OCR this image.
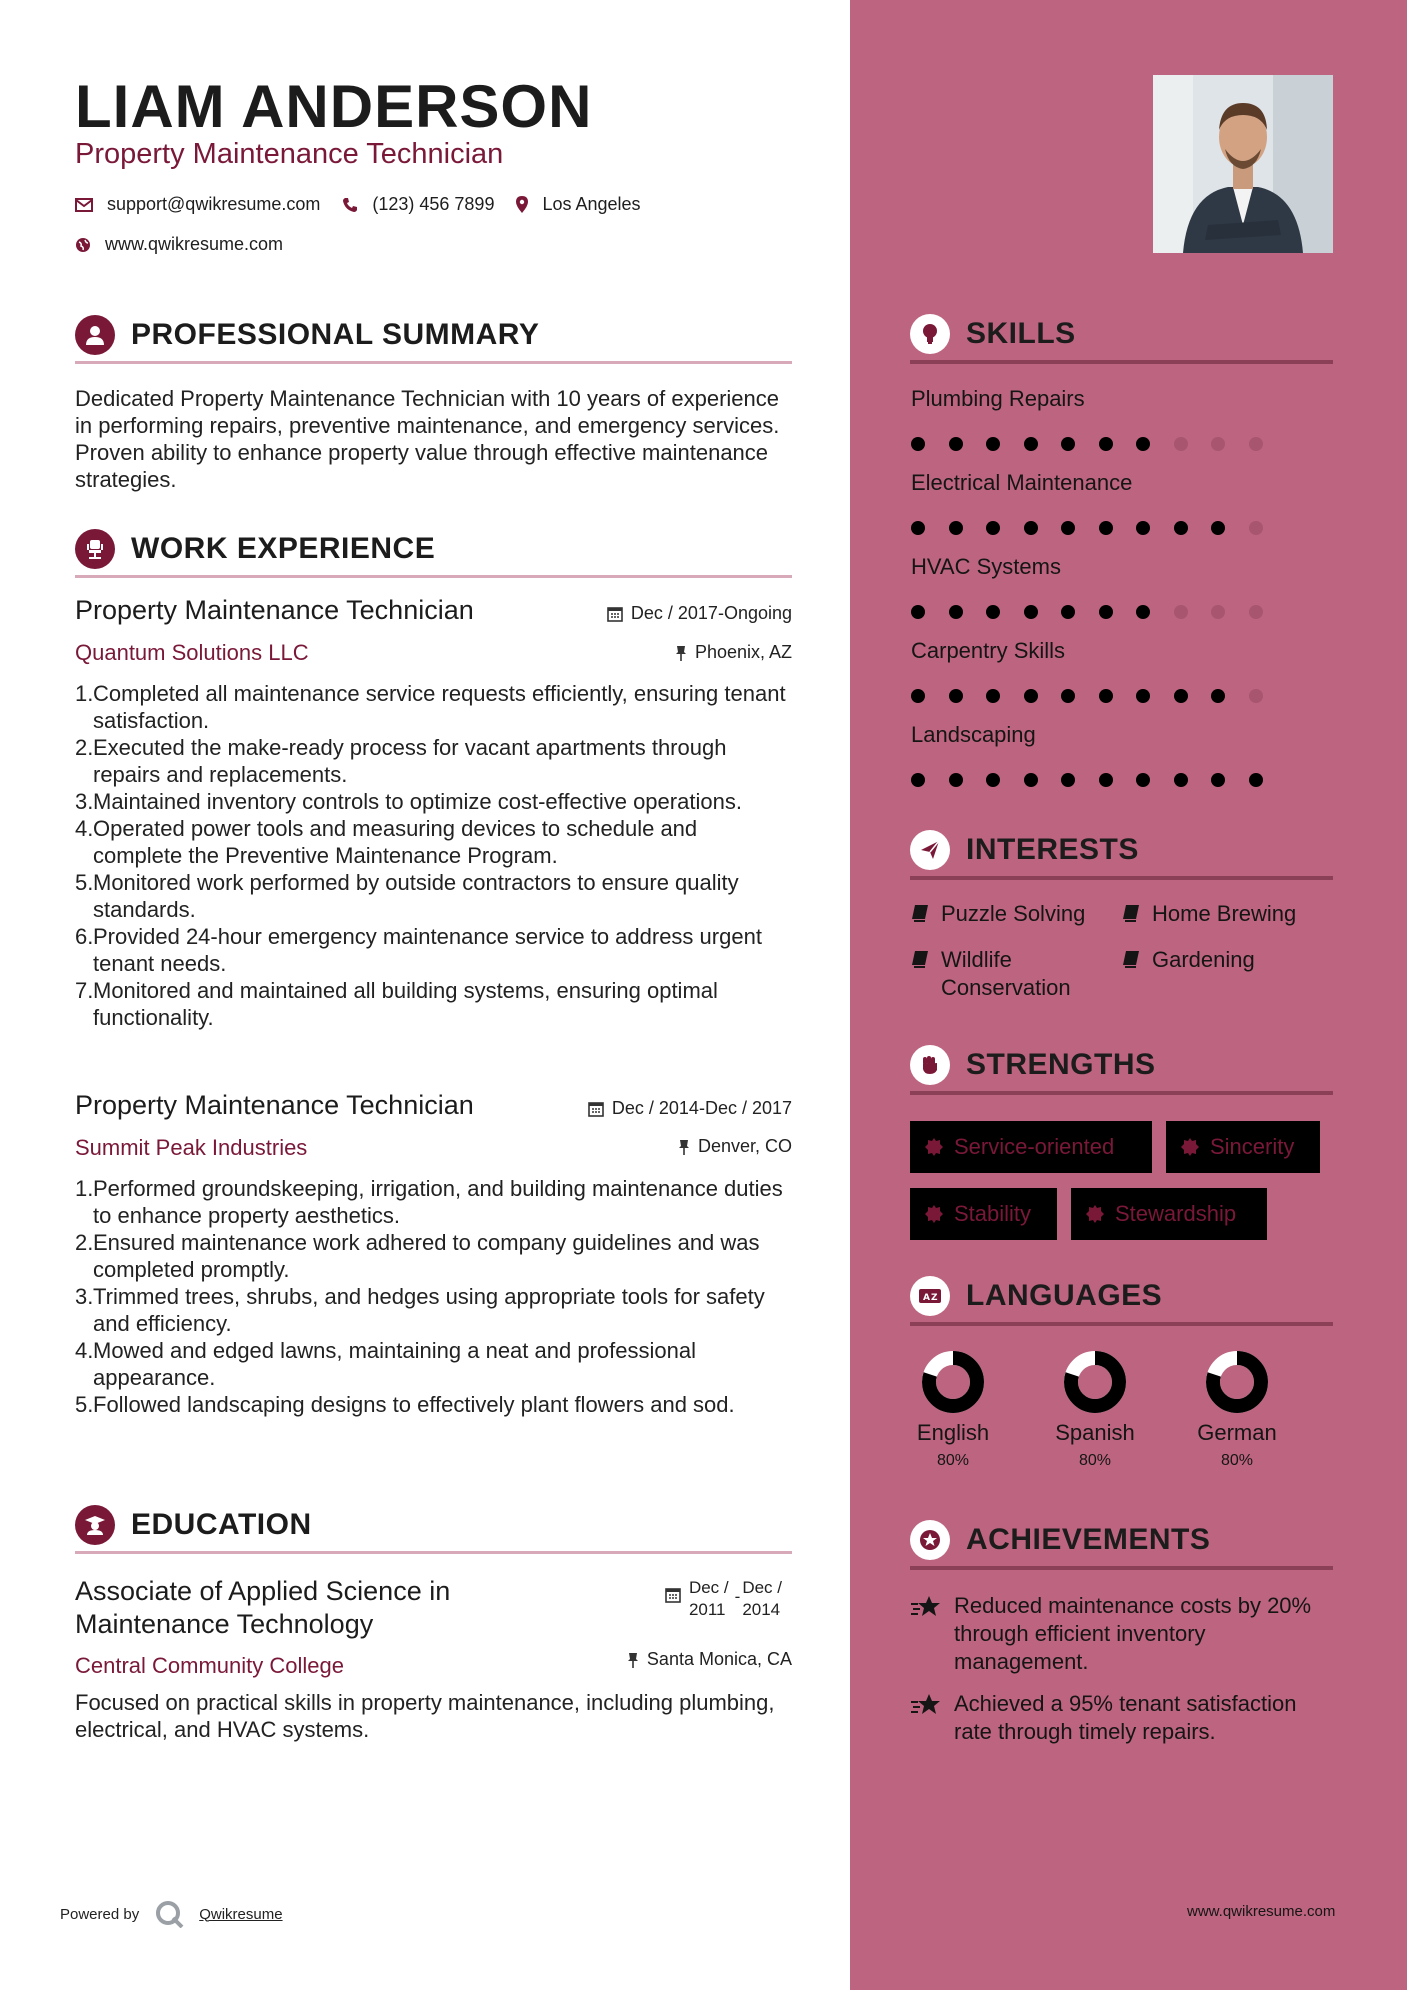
LIAM ANDERSON
Property Maintenance Technician
support@qwikresume.com	(123) 456 7899	Los Angeles
www.qwikresume.com
PROFESSIONAL SUMMARY
Dedicated Property Maintenance Technician with 10 years of experience in performing repairs, preventive maintenance, and emergency services. Proven ability to enhance property value through effective maintenance strategies.
WORK EXPERIENCE
Property Maintenance Technician	Dec / 2017-Ongoing
Quantum Solutions LLC	Phoenix, AZ
1.Completed all maintenance service requests efficiently, ensuring tenant satisfaction.
2.Executed the make-ready process for vacant apartments through repairs and replacements.
3.Maintained inventory controls to optimize cost-effective operations.
4.Operated power tools and measuring devices to schedule and complete the Preventive Maintenance Program.
5.Monitored work performed by outside contractors to ensure quality standards.
6.Provided 24-hour emergency maintenance service to address urgent tenant needs.
7.Monitored and maintained all building systems, ensuring optimal functionality.
Property Maintenance Technician	Dec / 2014-Dec / 2017
Summit Peak Industries	Denver, CO
1.Performed groundskeeping, irrigation, and building maintenance duties to enhance property aesthetics.
2.Ensured maintenance work adhered to company guidelines and was completed promptly.
3.Trimmed trees, shrubs, and hedges using appropriate tools for safety and efficiency.
4.Mowed and edged lawns, maintaining a neat and professional appearance.
5.Followed landscaping designs to effectively plant flowers and sod.
EDUCATION
Associate of Applied Science in Maintenance Technology
Dec /
2011
- Dec /
2014
Central Community College	Santa Monica, CA
Focused on practical skills in property maintenance, including plumbing, electrical, and HVAC systems.
Powered by	Qwikresume
SKILLS
Plumbing Repairs
Electrical Maintenance
HVAC Systems
Carpentry Skills
Landscaping
INTERESTS
Puzzle Solving	Home Brewing
Wildlife Conservation
Gardening
STRENGTHS
Service-oriented	Sincerity
Stability	Stewardship
A Z LANGUAGES
English
80%
Spanish
80%
German
80%
ACHIEVEMENTS
Reduced maintenance costs by 20% through efficient inventory management.
Achieved a 95% tenant satisfaction rate through timely repairs.
www.qwikresume.com
